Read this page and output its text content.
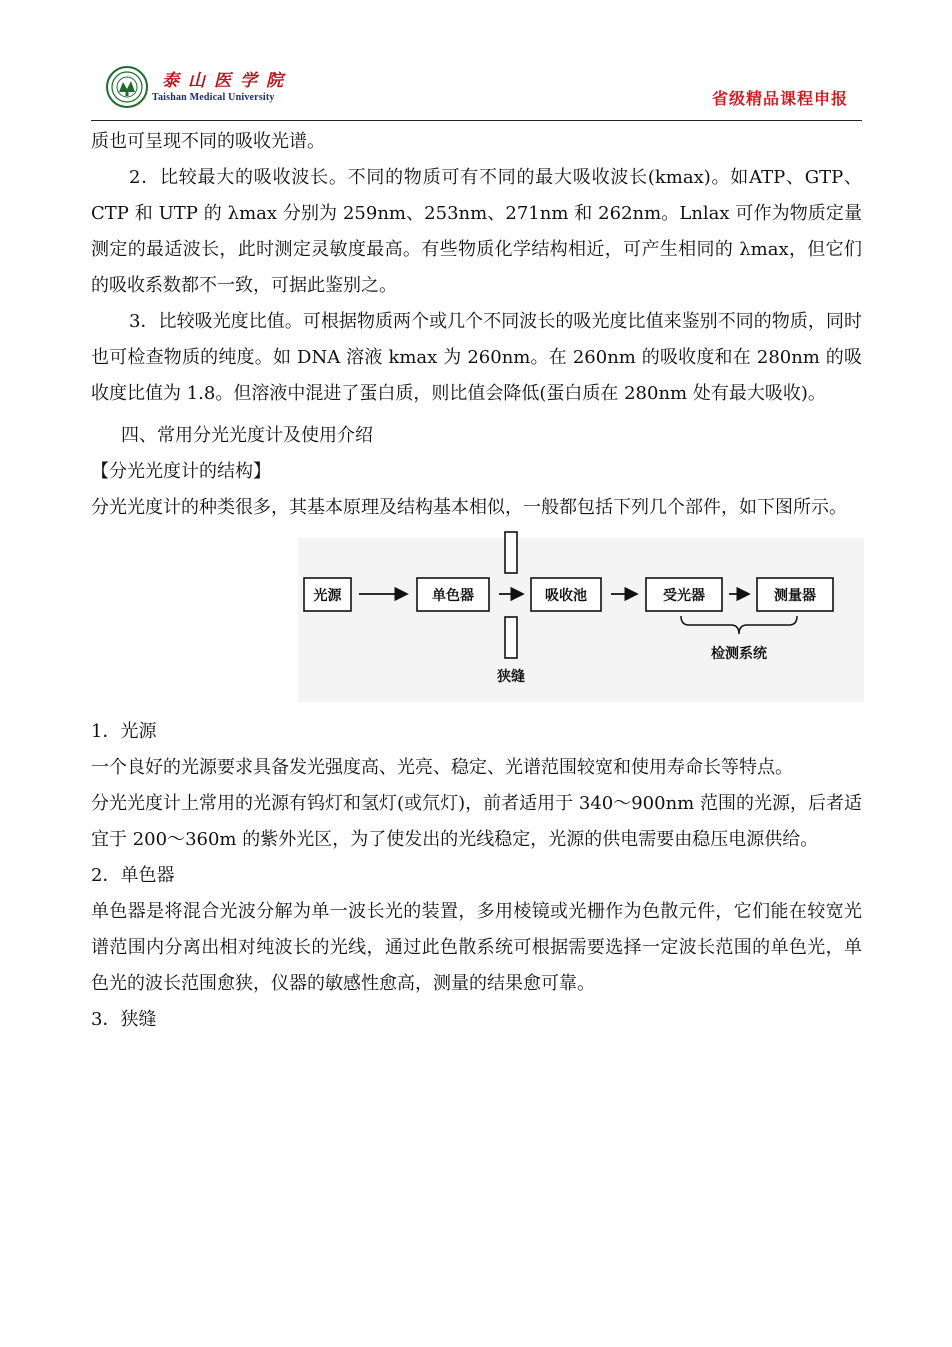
泰山医学院
Taishan Medical University	省级精品课程申报

质也可呈现不同的吸收光谱。

2．比较最大的吸收波长。不同的物质可有不同的最大吸收波长(kmax)。如ATP、GTP、CTP 和 UTP 的 λmax 分别为 259nm、253nm、271nm 和 262nm。Lnlax 可作为物质定量测定的最适波长，此时测定灵敏度最高。有些物质化学结构相近，可产生相同的 λmax，但它们的吸收系数都不一致，可据此鉴别之。

3．比较吸光度比值。可根据物质两个或几个不同波长的吸光度比值来鉴别不同的物质，同时也可检查物质的纯度。如 DNA 溶液 kmax 为 260nm。在 260nm 的吸收度和在 280nm 的吸收度比值为 1.8。但溶液中混进了蛋白质，则比值会降低(蛋白质在 280nm 处有最大吸收)。

四、常用分光光度计及使用介绍

【分光光度计的结构】

分光光度计的种类很多，其基本原理及结构基本相似，一般都包括下列几个部件，如下图所示。

光源	单色器	吸收池	受光器	测量器
检测系统
狭缝

1．光源

一个良好的光源要求具备发光强度高、光亮、稳定、光谱范围较宽和使用寿命长等特点。

分光光度计上常用的光源有钨灯和氢灯(或氘灯)，前者适用于 340～900nm 范围的光源，后者适宜于 200～360m 的紫外光区，为了使发出的光线稳定，光源的供电需要由稳压电源供给。

2．单色器

单色器是将混合光波分解为单一波长光的装置，多用棱镜或光栅作为色散元件，它们能在较宽光谱范围内分离出相对纯波长的光线，通过此色散系统可根据需要选择一定波长范围的单色光，单色光的波长范围愈狭，仪器的敏感性愈高，测量的结果愈可靠。

3．狭缝
